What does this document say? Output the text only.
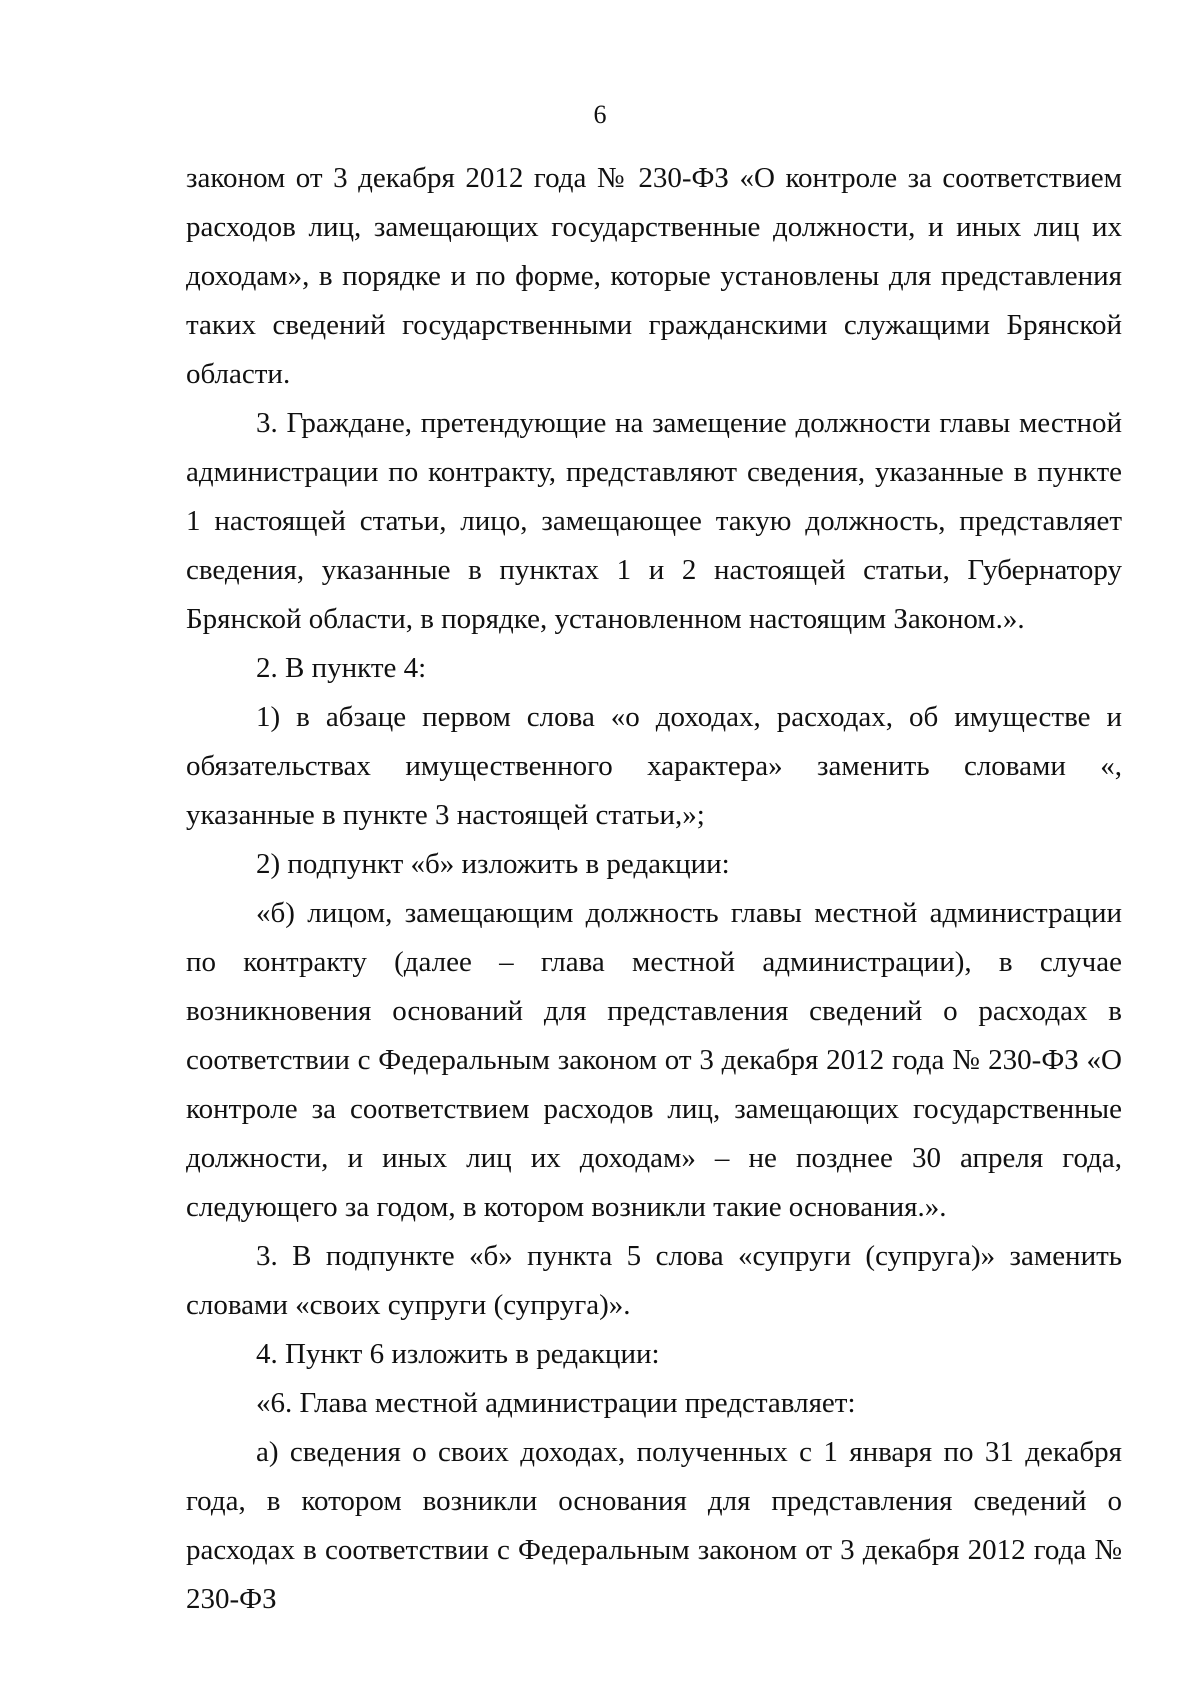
6

законом от 3 декабря 2012 года № 230-ФЗ «О контроле за соответствием расходов лиц, замещающих государственные должности, и иных лиц их доходам», в порядке и по форме, которые установлены для представления таких сведений государственными гражданскими служащими Брянской области.

3. Граждане, претендующие на замещение должности главы местной администрации по контракту, представляют сведения, указанные в пункте 1 настоящей статьи, лицо, замещающее такую должность, представляет сведения, указанные в пунктах 1 и 2 настоящей статьи, Губернатору Брянской области, в порядке, установленном настоящим Законом.».

2. В пункте 4:

1) в абзаце первом слова «о доходах, расходах, об имуществе и обязательствах имущественного характера» заменить словами «, указанные в пункте 3 настоящей статьи,»;

2) подпункт «б» изложить в редакции:

«б) лицом, замещающим должность главы местной администрации по контракту (далее – глава местной администрации), в случае возникновения оснований для представления сведений о расходах в соответствии с Федеральным законом от 3 декабря 2012 года № 230-ФЗ «О контроле за соответствием расходов лиц, замещающих государственные должности, и иных лиц их доходам» – не позднее 30 апреля года, следующего за годом, в котором возникли такие основания.».

3. В подпункте «б» пункта 5 слова «супруги (супруга)» заменить словами «своих супруги (супруга)».

4. Пункт 6 изложить в редакции:

«6. Глава местной администрации представляет:

а) сведения о своих доходах, полученных с 1 января по 31 декабря года, в котором возникли основания для представления сведений о расходах в соответствии с Федеральным законом от 3 декабря 2012 года № 230-ФЗ
